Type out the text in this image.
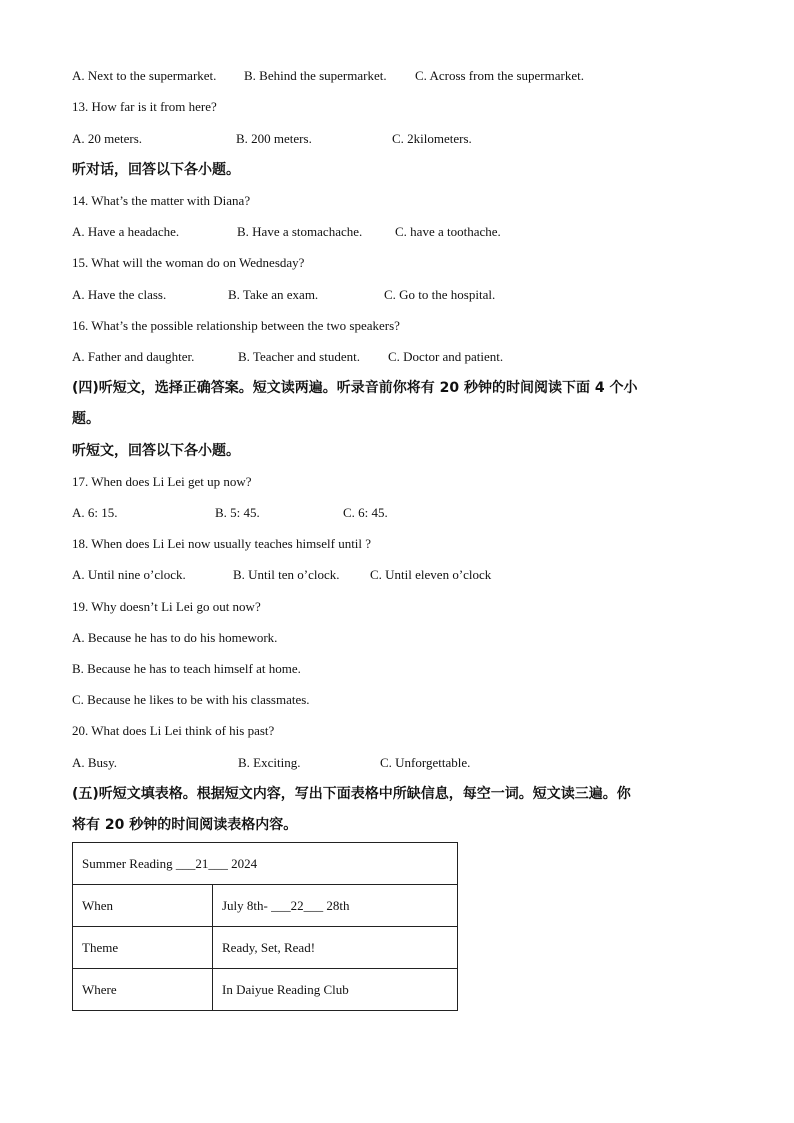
A. Next to the supermarket. B. Behind the supermarket. C. Across from the supermarket.
13. How far is it from here?
A. 20 meters.	B. 200 meters.	C. 2kilometers.
听对话，回答以下各小题。
14. What’s the matter with Diana?
A. Have a headache.	B. Have a stomachache.	C. have a toothache.
15. What will the woman do on Wednesday?
A. Have the class.	B. Take an exam.	C. Go to the hospital.
16. What’s the possible relationship between the two speakers?
A. Father and daughter.	B. Teacher and student. C. Doctor and patient.
(四)听短文，选择正确答案。短文读两遍。听录音前你将有 20 秒钟的时间阅读下面 4 个小
题。
听短文，回答以下各小题。
17. When does Li Lei get up now?
A. 6: 15.	B. 5: 45.	C. 6: 45.
18. When does Li Lei now usually teaches himself until ?
A. Until nine o’clock.	B. Until ten o’clock. C. Until eleven o’clock
19. Why doesn’t Li Lei go out now?
A. Because he has to do his homework.
B. Because he has to teach himself at home.
C. Because he likes to be with his classmates.
20. What does Li Lei think of his past?
A. Busy.	B. Exciting.	C. Unforgettable.
(五)听短文填表格。根据短文内容，写出下面表格中所缺信息，每空一词。短文读三遍。你
将有 20 秒钟的时间阅读表格内容。
Summer Reading ___21___ 2024	
When	July 8th- ___22___ 28th
Theme	Ready, Set, Read!
Where	In Daiyue Reading Club
